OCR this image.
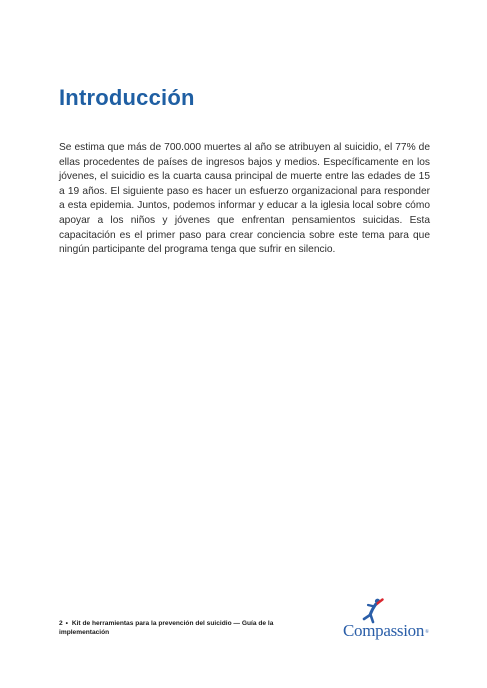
Introducción

Se estima que más de 700.000 muertes al año se atribuyen al suicidio, el 77% de ellas procedentes de países de ingresos bajos y medios. Específicamente en los jóvenes, el suicidio es la cuarta causa principal de muerte entre las edades de 15 a 19 años. El siguiente paso es hacer un esfuerzo organizacional para responder a esta epidemia. Juntos, podemos informar y educar a la iglesia local sobre cómo apoyar a los niños y jóvenes que enfrentan pensamientos suicidas. Esta capacitación es el primer paso para crear conciencia sobre este tema para que ningún participante del programa tenga que sufrir en silencio.

2 • Kit de herramientas para la prevención del suicidio — Guía de la implementación	Compassion®
